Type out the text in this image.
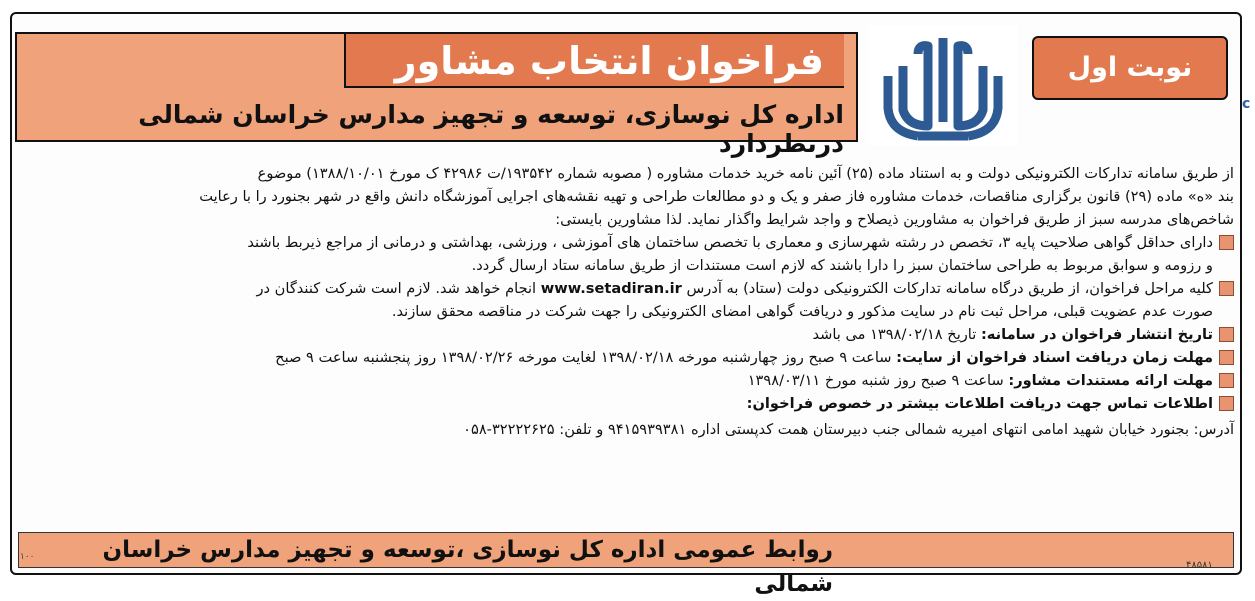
فراخوان انتخاب مشاور
اداره کل نوسازی، توسعه و تجهیز مدارس خراسان شمالی درنظردارد
نوبت اول
c

از طریق سامانه تدارکات الکترونیکی دولت و به استناد ماده (۲۵) آئین نامه خرید خدمات مشاوره ( مصوبه شماره ۱۹۳۵۴۲/ت ۴۲۹۸۶ ک مورخ ۱۳۸۸/۱۰/۰۱) موضوع

بند «ه» ماده (۲۹) قانون برگزاری مناقصات، خدمات مشاوره فاز صفر و یک و دو مطالعات طراحی و تهیه نقشه‌های اجرایی آموزشگاه دانش واقع در شهر بجنورد را با رعایت

شاخص‌های مدرسه سبز از طریق فراخوان به مشاورین ذیصلاح و واجد شرایط واگذار نماید. لذا مشاورین بایستی:

دارای حداقل گواهی صلاحیت پایه ۳، تخصص در رشته شهرسازی و معماری با تخصص ساختمان های آموزشی ، ورزشی، بهداشتی و درمانی از مراجع ذیربط باشند

و رزومه و سوابق مربوط به طراحی ساختمان سبز را دارا باشند که لازم است مستندات از طریق سامانه ستاد ارسال گردد.

کلیه مراحل فراخوان، از طریق درگاه سامانه تدارکات الکترونیکی دولت (ستاد) به آدرس www.setadiran.ir انجام خواهد شد. لازم است شرکت کنندگان در

صورت عدم عضویت قبلی، مراحل ثبت نام در سایت مذکور و دریافت گواهی امضای الکترونیکی را جهت شرکت در مناقصه محقق سازند.

تاریخ انتشار فراخوان در سامانه: تاریخ ۱۳۹۸/۰۲/۱۸ می باشد

مهلت زمان دریافت اسناد فراخوان از سایت: ساعت ۹ صبح روز چهارشنبه مورخه ۱۳۹۸/۰۲/۱۸ لغایت مورخه ۱۳۹۸/۰۲/۲۶ روز پنجشنبه ساعت ۹ صبح

مهلت ارائه مستندات مشاور: ساعت ۹ صبح روز شنبه مورخ ۱۳۹۸/۰۳/۱۱

اطلاعات تماس جهت دریافت اطلاعات بیشتر در خصوص فراخوان:

آدرس: بجنورد خیابان شهید امامی انتهای امیریه شمالی جنب دبیرستان همت کدپستی اداره ۹۴۱۵۹۳۹۳۸۱ و تلفن: ۳۲۲۲۲۶۲۵-۰۵۸

روابط عمومی اداره کل نوسازی ،توسعه و تجهیز مدارس خراسان شمالی
۱۰۰
۴۸۵۸۱
